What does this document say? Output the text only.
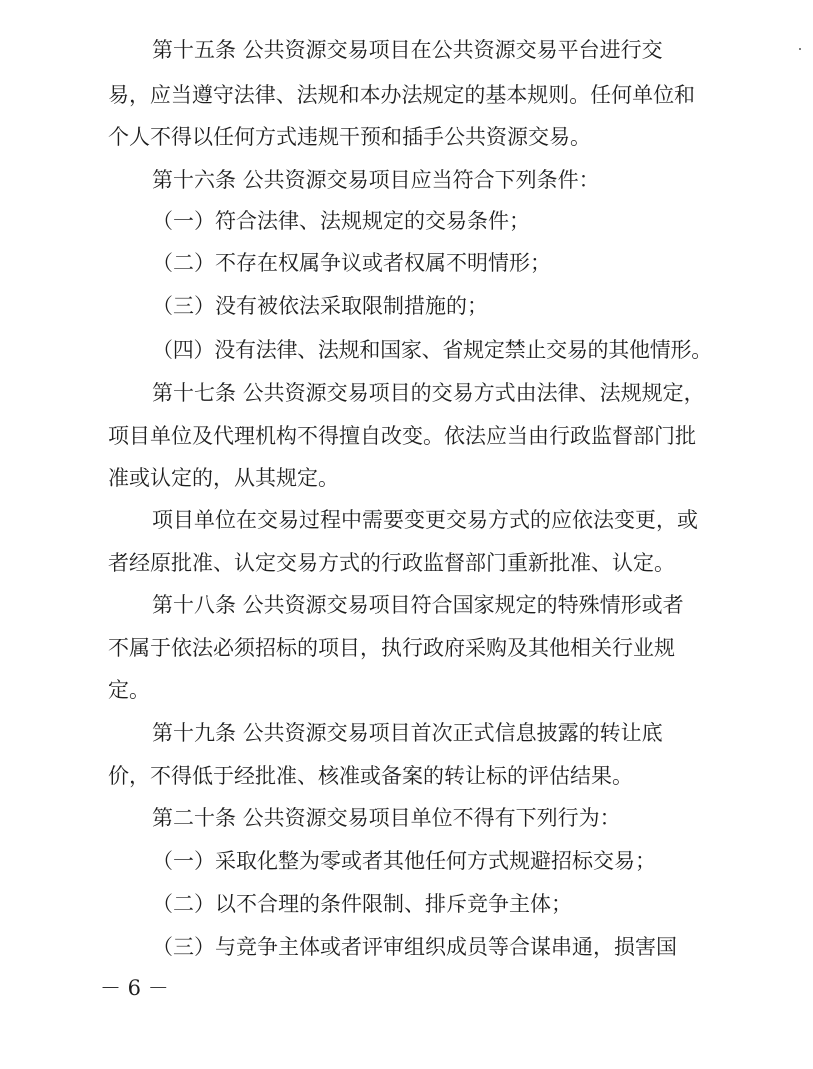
第十五条 公共资源交易项目在公共资源交易平台进行交
易，应当遵守法律、法规和本办法规定的基本规则。任何单位和
个人不得以任何方式违规干预和插手公共资源交易。
第十六条 公共资源交易项目应当符合下列条件：
（一）符合法律、法规规定的交易条件；
（二）不存在权属争议或者权属不明情形；
（三）没有被依法采取限制措施的；
（四）没有法律、法规和国家、省规定禁止交易的其他情形。
第十七条 公共资源交易项目的交易方式由法律、法规规定，
项目单位及代理机构不得擅自改变。依法应当由行政监督部门批
准或认定的，从其规定。
项目单位在交易过程中需要变更交易方式的应依法变更，或
者经原批准、认定交易方式的行政监督部门重新批准、认定。
第十八条 公共资源交易项目符合国家规定的特殊情形或者
不属于依法必须招标的项目，执行政府采购及其他相关行业规
定。
第十九条 公共资源交易项目首次正式信息披露的转让底
价，不得低于经批准、核准或备案的转让标的评估结果。
第二十条 公共资源交易项目单位不得有下列行为：
（一）采取化整为零或者其他任何方式规避招标交易；
（二）以不合理的条件限制、排斥竞争主体；
（三）与竞争主体或者评审组织成员等合谋串通，损害国
－ 6 －
